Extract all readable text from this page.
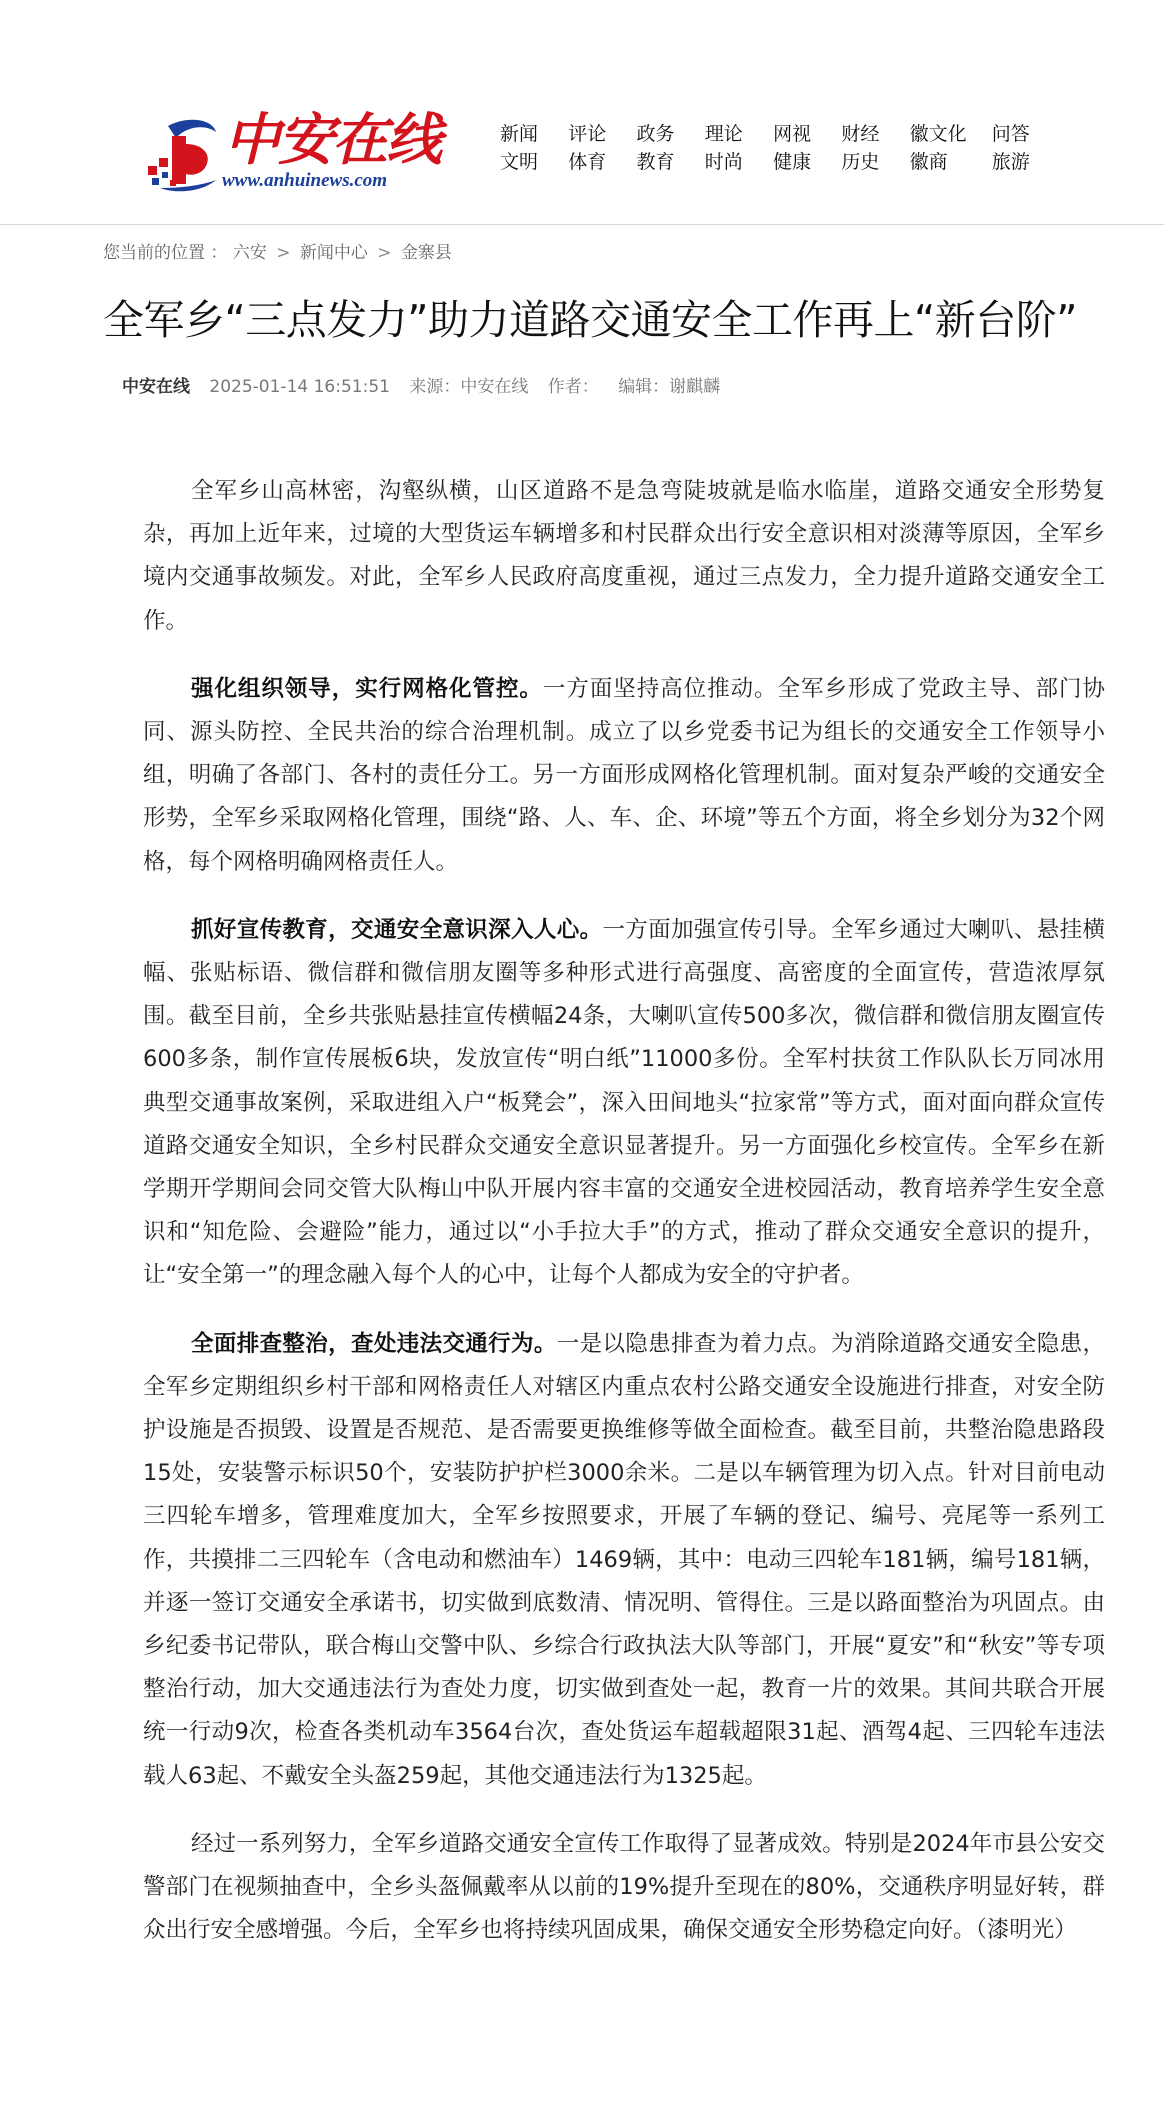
中安在线
www.anhuinews.com
新闻	评论	政务	理论	网视	财经	徽文化	问答
文明	体育	教育	时尚	健康	历史	徽商	旅游
您当前的位置 ： 六安 > 新闻中心 > 金寨县
全军乡“三点发力”助力道路交通安全工作再上“新台阶”
中安在线 2025-01-14 16:51:51 来源：中安在线 作者： 编辑：谢麒麟

全军乡山高林密，沟壑纵横，山区道路不是急弯陡坡就是临水临崖，道路交通安全形势复杂，再加上近年来，过境的大型货运车辆增多和村民群众出行安全意识相对淡薄等原因，全军乡境内交通事故频发。对此，全军乡人民政府高度重视，通过三点发力，全力提升道路交通安全工作。

强化组织领导，实行网格化管控。一方面坚持高位推动。全军乡形成了党政主导、部门协同、源头防控、全民共治的综合治理机制。成立了以乡党委书记为组长的交通安全工作领导小组，明确了各部门、各村的责任分工。另一方面形成网格化管理机制。面对复杂严峻的交通安全形势，全军乡采取网格化管理，围绕“路、人、车、企、环境”等五个方面，将全乡划分为32个网格，每个网格明确网格责任人。

抓好宣传教育，交通安全意识深入人心。一方面加强宣传引导。全军乡通过大喇叭、悬挂横幅、张贴标语、微信群和微信朋友圈等多种形式进行高强度、高密度的全面宣传，营造浓厚氛围。截至目前，全乡共张贴悬挂宣传横幅24条，大喇叭宣传500多次，微信群和微信朋友圈宣传600多条，制作宣传展板6块，发放宣传“明白纸”11000多份。全军村扶贫工作队队长万同冰用典型交通事故案例，采取进组入户“板凳会”，深入田间地头“拉家常”等方式，面对面向群众宣传道路交通安全知识，全乡村民群众交通安全意识显著提升。另一方面强化乡校宣传。全军乡在新学期开学期间会同交管大队梅山中队开展内容丰富的交通安全进校园活动，教育培养学生安全意识和“知危险、会避险”能力，通过以“小手拉大手”的方式，推动了群众交通安全意识的提升，让“安全第一”的理念融入每个人的心中，让每个人都成为安全的守护者。

全面排查整治，查处违法交通行为。一是以隐患排查为着力点。为消除道路交通安全隐患，全军乡定期组织乡村干部和网格责任人对辖区内重点农村公路交通安全设施进行排查，对安全防护设施是否损毁、设置是否规范、是否需要更换维修等做全面检查。截至目前，共整治隐患路段15处，安装警示标识50个，安装防护护栏3000余米。二是以车辆管理为切入点。针对目前电动三四轮车增多，管理难度加大，全军乡按照要求，开展了车辆的登记、编号、亮尾等一系列工作，共摸排二三四轮车（含电动和燃油车）1469辆，其中：电动三四轮车181辆，编号181辆，并逐一签订交通安全承诺书，切实做到底数清、情况明、管得住。三是以路面整治为巩固点。由乡纪委书记带队，联合梅山交警中队、乡综合行政执法大队等部门，开展“夏安”和“秋安”等专项整治行动，加大交通违法行为查处力度，切实做到查处一起，教育一片的效果。其间共联合开展统一行动9次，检查各类机动车3564台次，查处货运车超载超限31起、酒驾4起、三四轮车违法载人63起、不戴安全头盔259起，其他交通违法行为1325起。

经过一系列努力，全军乡道路交通安全宣传工作取得了显著成效。特别是2024年市县公安交警部门在视频抽查中，全乡头盔佩戴率从以前的19%提升至现在的80%，交通秩序明显好转，群众出行安全感增强。今后，全军乡也将持续巩固成果，确保交通安全形势稳定向好。（漆明光）
